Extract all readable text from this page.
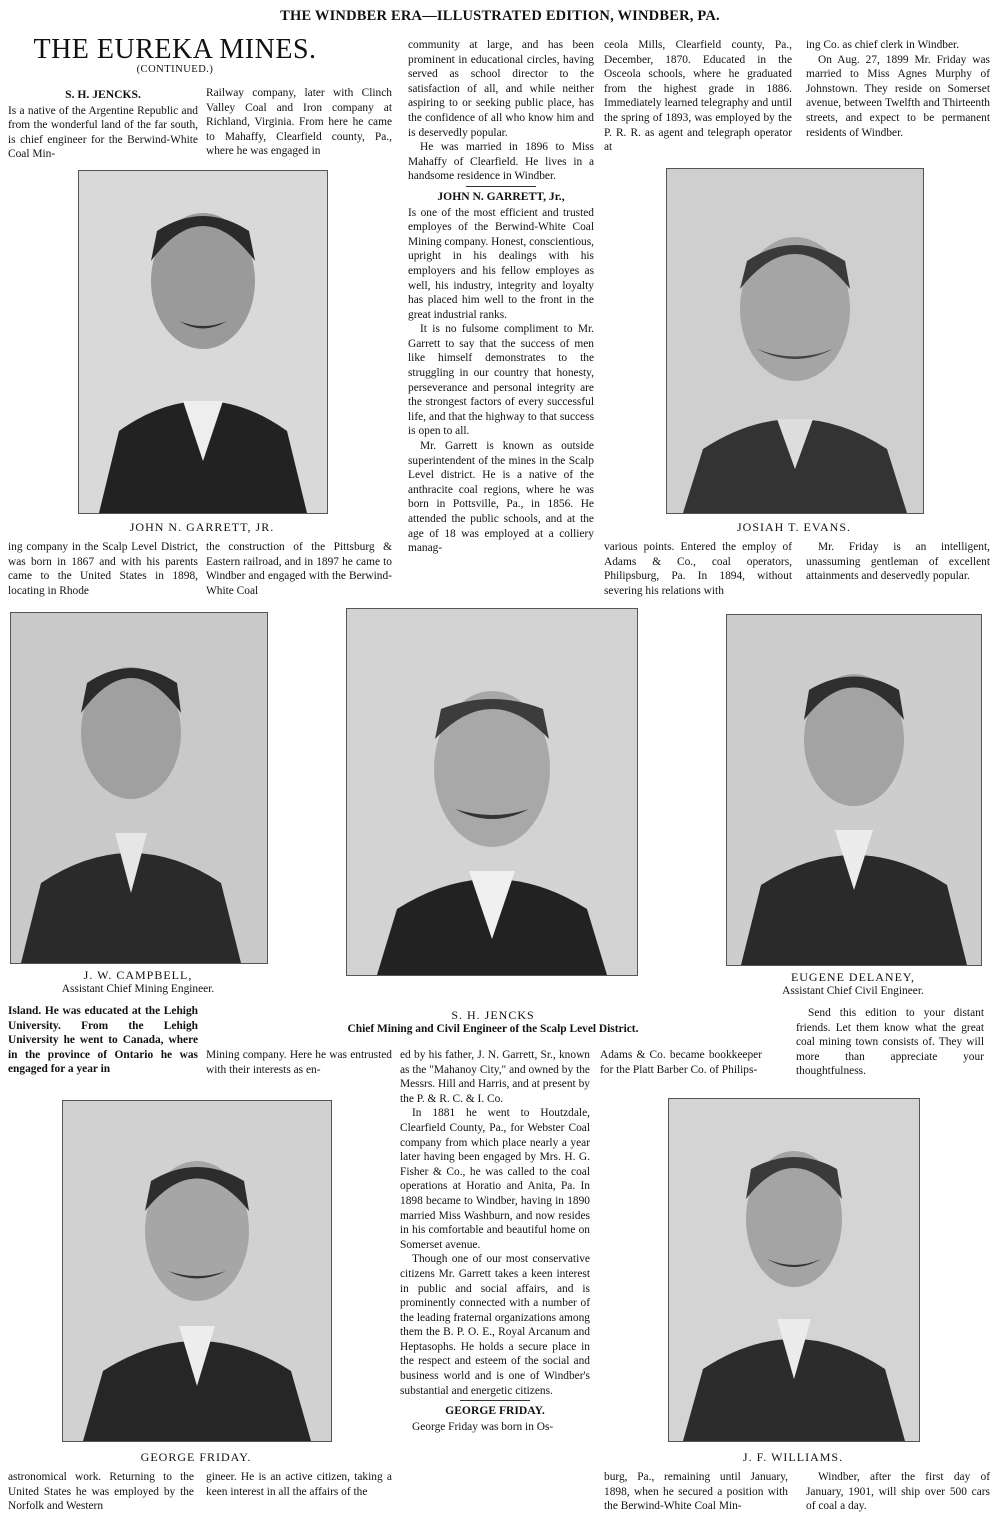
THE WINDBER ERA—ILLUSTRATED EDITION, WINDBER, PA.
THE EUREKA MINES.
(CONTINUED.)
S. H. JENCKS.

Is a native of the Argentine Republic and from the wonderful land of the far south, is chief engineer for the Berwind-White Coal Min-

Railway company, later with Clinch Valley Coal and Iron company at Richland, Virginia. From here he came to Mahaffy, Clearfield county, Pa., where he was engaged in

community at large, and has been prominent in educational circles, having served as school director to the satisfaction of all, and while neither aspiring to or seeking public place, has the confidence of all who know him and is deservedly popular.

He was married in 1896 to Miss Mahaffy of Clearfield. He lives in a handsome residence in Windber.

JOHN N. GARRETT, Jr.,

Is one of the most efficient and trusted employes of the Berwind-White Coal Mining company. Honest, conscientious, upright in his dealings with his employers and his fellow employes as well, his industry, integrity and loyalty has placed him well to the front in the great industrial ranks.

It is no fulsome compliment to Mr. Garrett to say that the success of men like himself demonstrates to the struggling in our country that honesty, perseverance and personal integrity are the strongest factors of every successful life, and that the highway to that success is open to all.

Mr. Garrett is known as outside superintendent of the mines in the Scalp Level district. He is a native of the anthracite coal regions, where he was born in Pottsville, Pa., in 1856. He attended the public schools, and at the age of 18 was employed at a colliery manag-

ceola Mills, Clearfield county, Pa., December, 1870. Educated in the Osceola schools, where he graduated from the highest grade in 1886. Immediately learned telegraphy and until the spring of 1893, was employed by the P. R. R. as agent and telegraph operator at

ing Co. as chief clerk in Windber.

On Aug. 27, 1899 Mr. Friday was married to Miss Agnes Murphy of Johnstown. They reside on Somerset avenue, between Twelfth and Thirteenth streets, and expect to be permanent residents of Windber.

JOHN N. GARRETT, JR.	JOSIAH T. EVANS.

ing company in the Scalp Level District, was born in 1867 and with his parents came to the United States in 1898, locating in Rhode

the construction of the Pittsburg & Eastern railroad, and in 1897 he came to Windber and engaged with the Berwind-White Coal

various points. Entered the employ of Adams & Co., coal operators, Philipsburg, Pa. In 1894, without severing his relations with

Mr. Friday is an intelligent, unassuming gentleman of excellent attainments and deservedly popular.

J. W. CAMPBELL,
Assistant Chief Mining Engineer.
EUGENE DELANEY,
Assistant Chief Civil Engineer.
S. H. JENCKS
Chief Mining and Civil Engineer of the Scalp Level District.

Island. He was educated at the Lehigh University. From the Lehigh University he went to Canada, where in the province of Ontario he was engaged for a year in

Mining company. Here he was entrusted with their interests as en-

ed by his father, J. N. Garrett, Sr., known as the "Mahanoy City," and owned by the Messrs. Hill and Harris, and at present by the P. & R. C. & I. Co.

In 1881 he went to Houtzdale, Clearfield County, Pa., for Webster Coal company from which place nearly a year later having been engaged by Mrs. H. G. Fisher & Co., he was called to the coal operations at Horatio and Anita, Pa. In 1898 became to Windber, having in 1890 married Miss Washburn, and now resides in his comfortable and beautiful home on Somerset avenue.

Though one of our most conservative citizens Mr. Garrett takes a keen interest in public and social affairs, and is prominently connected with a number of the leading fraternal organizations among them the B. P. O. E., Royal Arcanum and Heptasophs. He holds a secure place in the respect and esteem of the social and business world and is one of Windber's substantial and energetic citizens.

GEORGE FRIDAY.

George Friday was born in Os-

Adams & Co. became bookkeeper for the Platt Barber Co. of Philips-

Send this edition to your distant friends. Let them know what the great coal mining town consists of. They will more than appreciate your thoughtfulness.

GEORGE FRIDAY.	J. F. WILLIAMS.

astronomical work. Returning to the United States he was employed by the Norfolk and Western

gineer. He is an active citizen, taking a keen interest in all the affairs of the

burg, Pa., remaining until January, 1898, when he secured a position with the Berwind-White Coal Min-

Windber, after the first day of January, 1901, will ship over 500 cars of coal a day.
